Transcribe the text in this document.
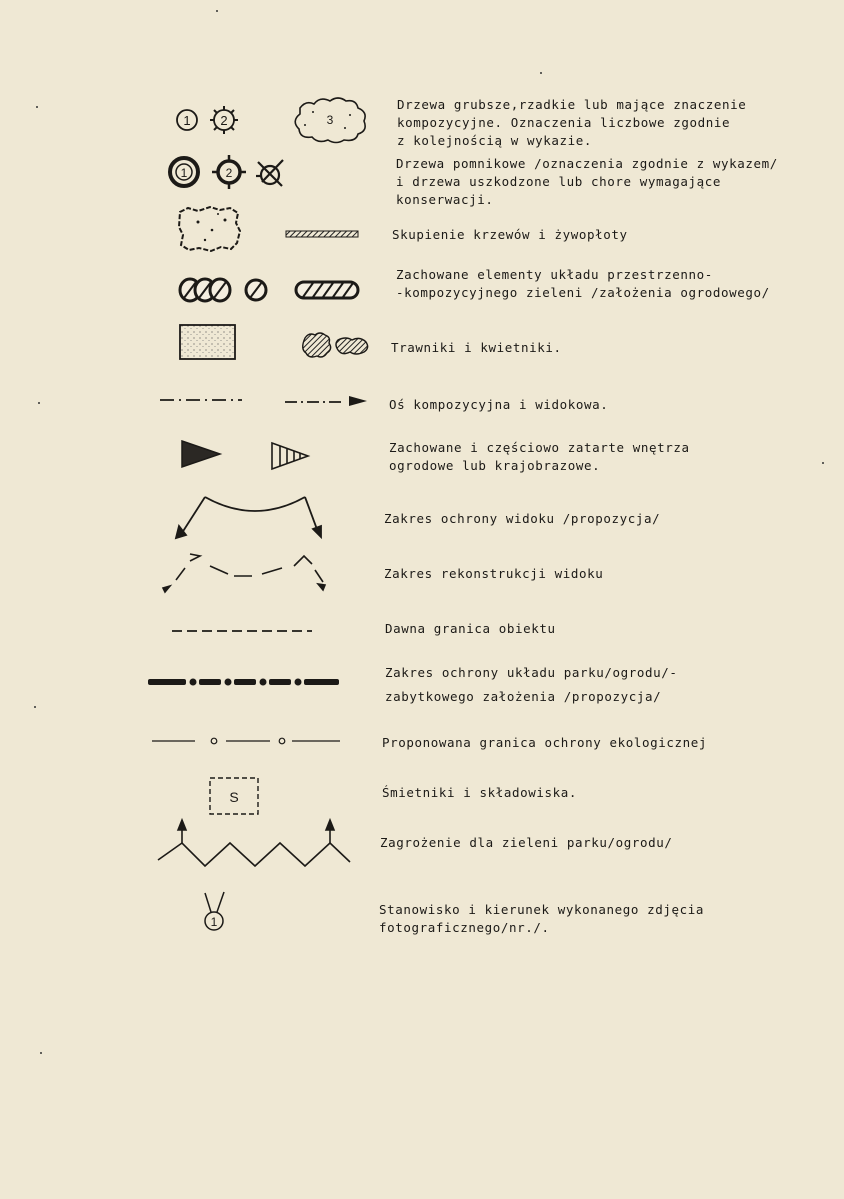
1 2	3
1	2
S
1
Drzewa grubsze,rzadkie lub mające znaczenie
kompozycyjne. Oznaczenia liczbowe zgodnie
z kolejnością w wykazie.
Drzewa pomnikowe /oznaczenia zgodnie z wykazem/
i drzewa uszkodzone lub chore wymagające
konserwacji.
Skupienie krzewów i żywopłoty
Zachowane elementy układu przestrzenno-
-kompozycyjnego zieleni /założenia ogrodowego/
Trawniki i kwietniki.
Oś kompozycyjna i widokowa.
Zachowane i częściowo zatarte wnętrza
ogrodowe lub krajobrazowe.
Zakres ochrony widoku /propozycja/
Zakres rekonstrukcji widoku
Dawna granica obiektu
Zakres ochrony układu parku/ogrodu/-
zabytkowego założenia /propozycja/
Proponowana granica ochrony ekologicznej
Śmietniki i składowiska.
Zagrożenie dla zieleni parku/ogrodu/
Stanowisko i kierunek wykonanego zdjęcia
fotograficznego/nr./.
